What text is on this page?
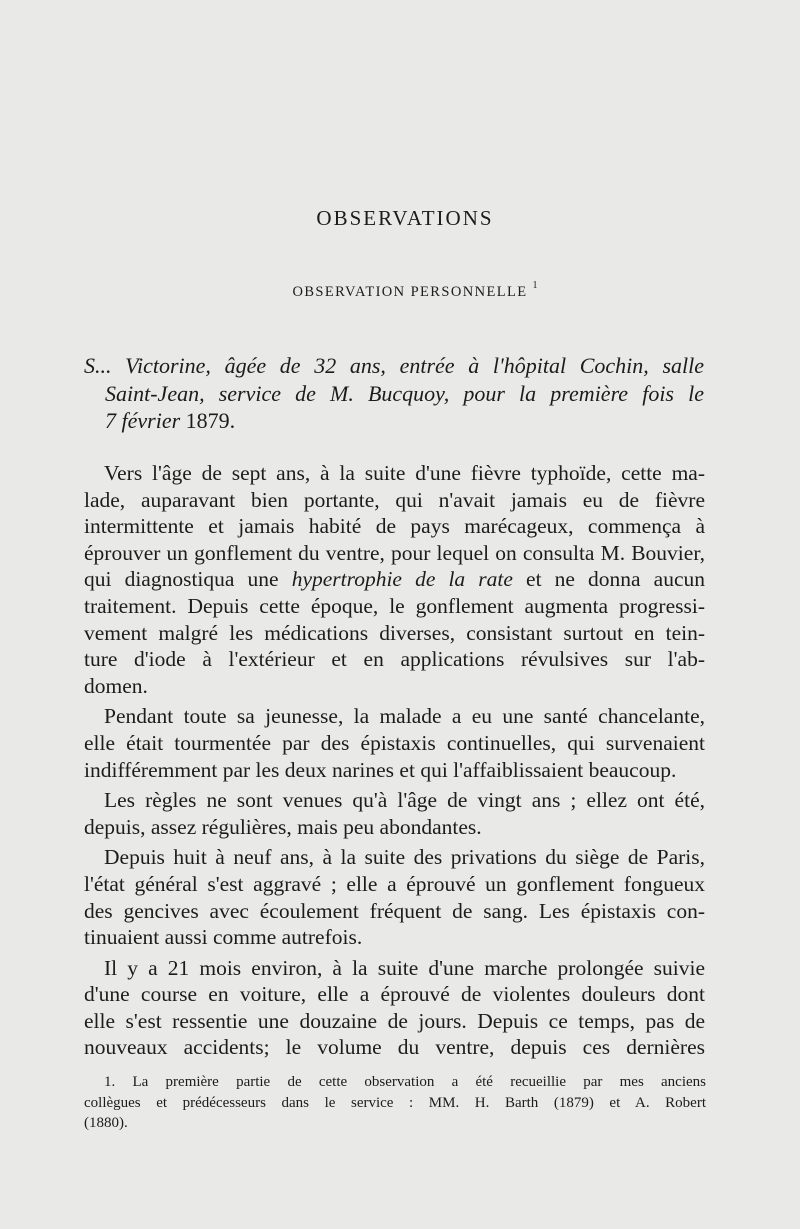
OBSERVATIONS
OBSERVATION PERSONNELLE $^1$
S... Victorine, âgée de 32 ans, entrée à l'hôpital Cochin, salle
Saint-Jean, service de M. Bucquoy, pour la première fois le
7 février 1879.

Vers l'âge de sept ans, à la suite d'une fièvre typhoïde, cette ma-
lade, auparavant bien portante, qui n'avait jamais eu de fièvre
intermittente et jamais habité de pays marécageux, commença à
éprouver un gonflement du ventre, pour lequel on consulta M. Bouvier,
qui diagnostiqua une hypertrophie de la rate et ne donna aucun
traitement. Depuis cette époque, le gonflement augmenta progressi-
vement malgré les médications diverses, consistant surtout en tein-
ture d'iode à l'extérieur et en applications révulsives sur l'ab-
domen.

Pendant toute sa jeunesse, la malade a eu une santé chancelante,
elle était tourmentée par des épistaxis continuelles, qui survenaient
indifféremment par les deux narines et qui l'affaiblissaient beaucoup.

Les règles ne sont venues qu'à l'âge de vingt ans ; ellez ont été,
depuis, assez régulières, mais peu abondantes.

Depuis huit à neuf ans, à la suite des privations du siège de Paris,
l'état général s'est aggravé ; elle a éprouvé un gonflement fongueux
des gencives avec écoulement fréquent de sang. Les épistaxis con-
tinuaient aussi comme autrefois.

Il y a 21 mois environ, à la suite d'une marche prolongée suivie
d'une course en voiture, elle a éprouvé de violentes douleurs dont
elle s'est ressentie une douzaine de jours. Depuis ce temps, pas de
nouveaux accidents; le volume du ventre, depuis ces dernières

1. La première partie de cette observation a été recueillie par mes anciens
collègues et prédécesseurs dans le service : MM. H. Barth (1879) et A. Robert
(1880).
